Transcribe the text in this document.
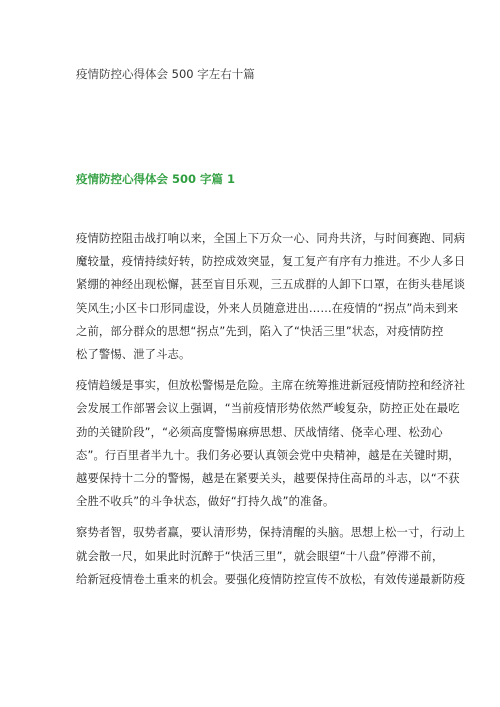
疫情防控心得体会 500 字左右十篇
疫情防控心得体会 500 字篇 1

疫情防控阻击战打响以来，全国上下万众一心、同舟共济，与时间赛跑、同病
魔较量，疫情持续好转，防控成效突显，复工复产有序有力推进。不少人多日
紧绷的神经出现松懈，甚至盲目乐观，三五成群的人卸下口罩，在街头巷尾谈
笑风生;小区卡口形同虚设，外来人员随意进出……在疫情的“拐点”尚未到来
之前，部分群众的思想“拐点”先到，陷入了“快活三里”状态，对疫情防控
松了警惕、泄了斗志。

疫情趋缓是事实，但放松警惕是危险。主席在统筹推进新冠疫情防控和经济社
会发展工作部署会议上强调，“当前疫情形势依然严峻复杂，防控正处在最吃
劲的关键阶段”，“必须高度警惕麻痹思想、厌战情绪、侥幸心理、松劲心
态”。行百里者半九十。我们务必要认真领会党中央精神，越是在关键时期，
越要保持十二分的警惕，越是在紧要关头，越要保持住高昂的斗志，以“不获
全胜不收兵”的斗争状态，做好“打持久战”的准备。

察势者智，驭势者赢，要认清形势，保持清醒的头脑。思想上松一寸，行动上
就会散一尺，如果此时沉醉于“快活三里”，就会眼望“十八盘”停滞不前，
给新冠疫情卷土重来的机会。要强化疫情防控宣传不放松，有效传递最新防疫
